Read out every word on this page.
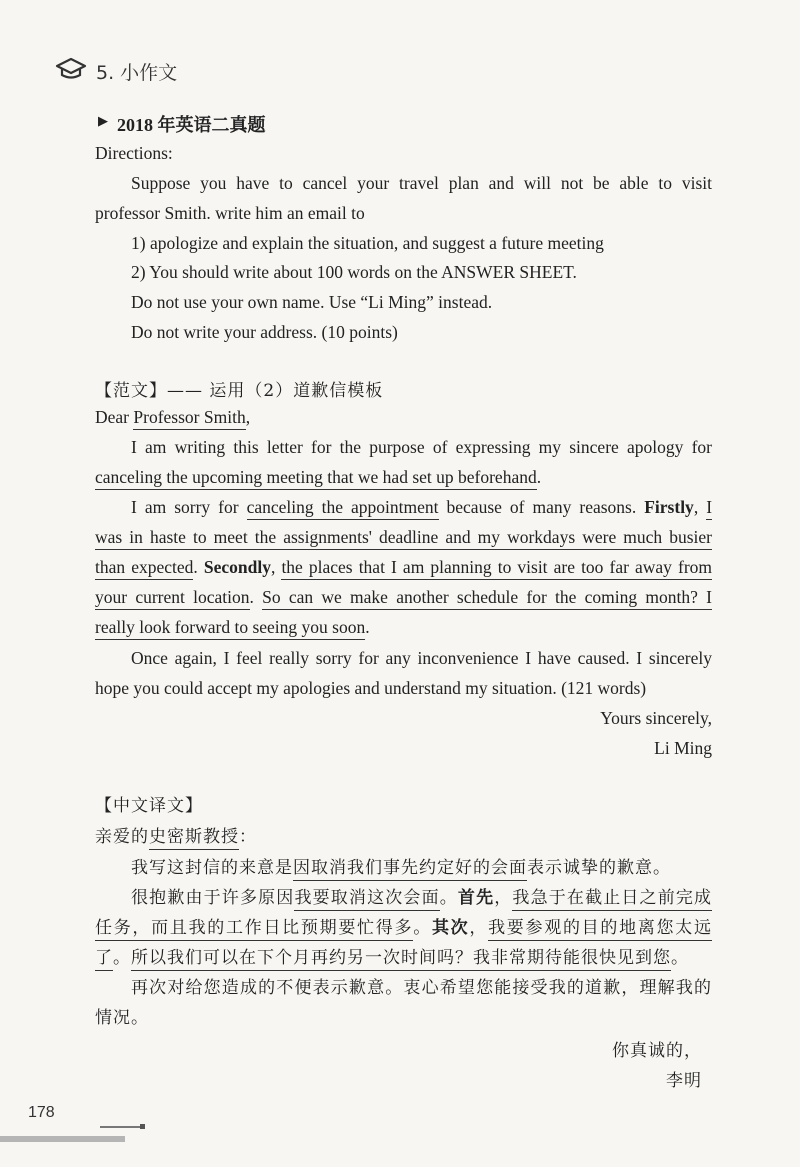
5. 小作文
▶ 2018 年英语二真题
Directions:
Suppose you have to cancel your travel plan and will not be able to visit
professor Smith. write him an email to
1) apologize and explain the situation, and suggest a future meeting
2) You should write about 100 words on the ANSWER SHEET.
Do not use your own name. Use “Li Ming” instead.
Do not write your address. (10 points)
【范文】—— 运用（2）道歉信模板
Dear Professor Smith,
I am writing this letter for the purpose of expressing my sincere apology for
canceling the upcoming meeting that we had set up beforehand.
I am sorry for canceling the appointment because of many reasons. Firstly, I
was in haste to meet the assignments' deadline and my workdays were much busier
than expected. Secondly, the places that I am planning to visit are too far away from
your current location. So can we make another schedule for the coming month? I
really look forward to seeing you soon.
Once again, I feel really sorry for any inconvenience I have caused. I sincerely
hope you could accept my apologies and understand my situation. (121 words)
Yours sincerely,
Li Ming
【中文译文】
亲爱的史密斯教授：
我写这封信的来意是因取消我们事先约定好的会面表示诚挚的歉意。
很抱歉由于许多原因我要取消这次会面。首先，我急于在截止日之前完成
任务，而且我的工作日比预期要忙得多。其次，我要参观的目的地离您太远
了。所以我们可以在下个月再约另一次时间吗？我非常期待能很快见到您。
再次对给您造成的不便表示歉意。衷心希望您能接受我的道歉，理解我的
情况。
你真诚的，
李明
178
